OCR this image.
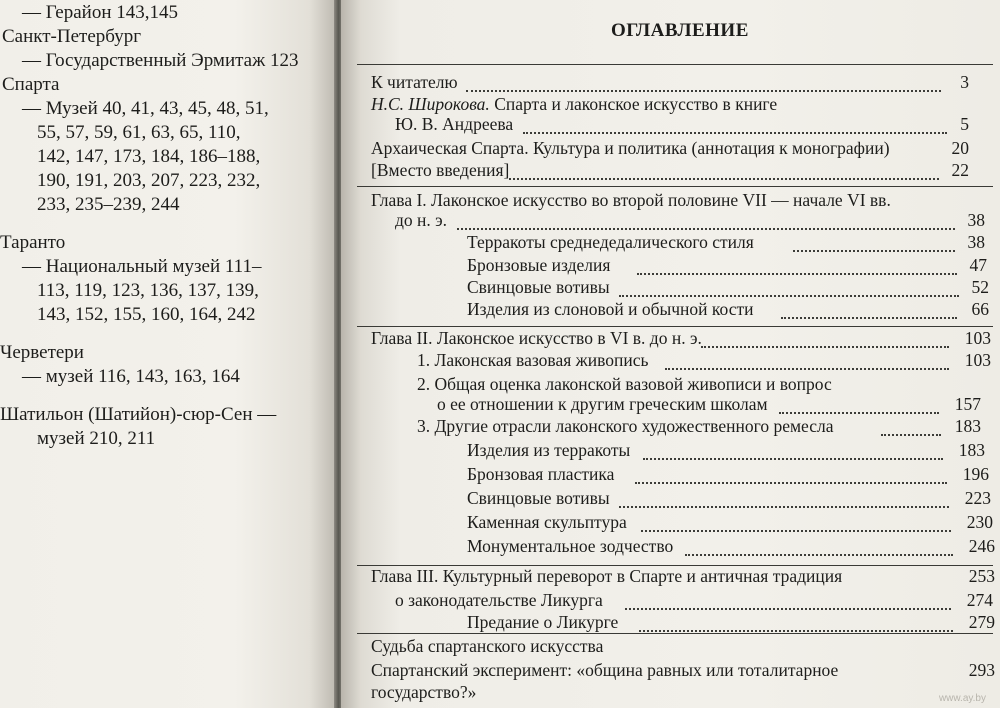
— Герайон 143,145
Санкт-Петербург
— Государственный Эрмитаж 123
Спарта
— Музей 40, 41, 43, 45, 48, 51,
55, 57, 59, 61, 63, 65, 110,
142, 147, 173, 184, 186–188,
190, 191, 203, 207, 223, 232,
233, 235–239, 244
Таранто
— Национальный музей 111–
113, 119, 123, 136, 137, 139,
143, 152, 155, 160, 164, 242
Черветери
— музей 116, 143, 163, 164
Шатильон (Шатийон)-сюр-Сен —
музей 210, 211
ОГЛАВЛЕНИЕ
К читателю	3
Н.С. Широкова. Спарта и лаконское искусство в книге
Ю. В. Андреева	5
Архаическая Спарта. Культура и политика (аннотация к монографии)	20
[Вместо введения]	22
Глава I. Лаконское искусство во второй половине VII — начале VI вв.
до н. э.	38
Терракоты среднедедалического стиля	38
Бронзовые изделия	47
Свинцовые вотивы	52
Изделия из слоновой и обычной кости	66
Глава II. Лаконское искусство в VI в. до н. э.	103
1. Лаконская вазовая живопись	103
2. Общая оценка лаконской вазовой живописи и вопрос
о ее отношении к другим греческим школам	157
3. Другие отрасли лаконского художественного ремесла	183
Изделия из терракоты	183
Бронзовая пластика	196
Свинцовые вотивы	223
Каменная скульптура	230
Монументальное зодчество	246
Глава III. Культурный переворот в Спарте и античная традиция	253
о законодательстве Ликурга	274
Предание о Ликурге	279
Судьба спартанского искусства
Спартанский эксперимент: «община равных или тоталитарное	293
государство?»	www.ay.by
